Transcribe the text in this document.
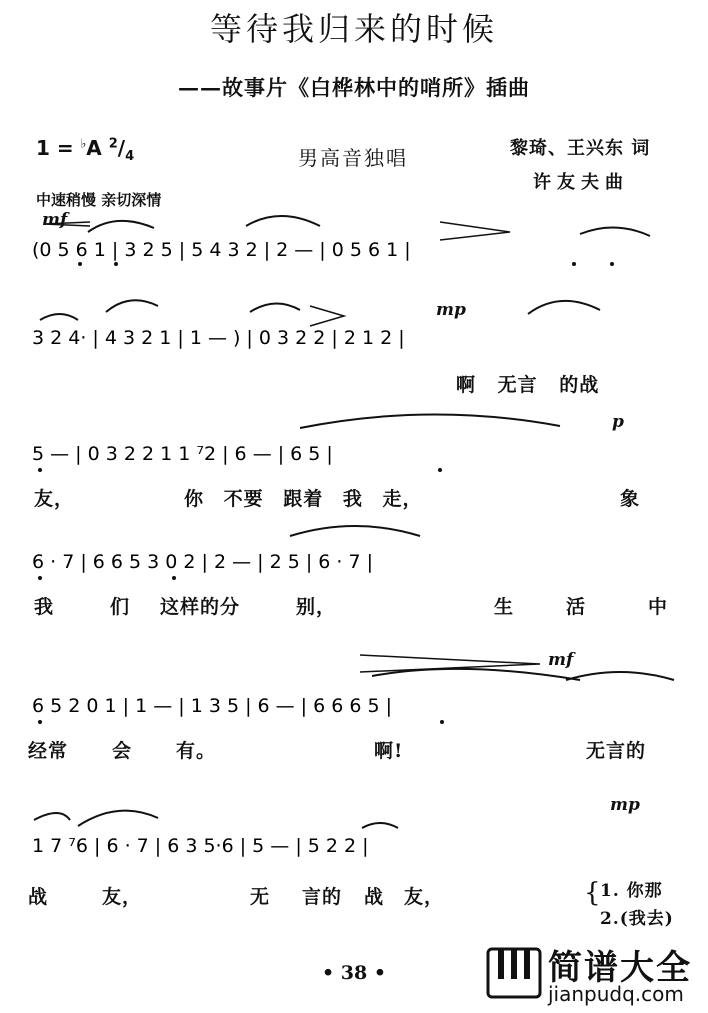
等待我归来的时候
——故事片《白桦林中的哨所》插曲
1 = ♭A $^2/_4$	男高音独唱	黎琦、王兴东 词
许友夫曲
中速稍慢 亲切深情
(0 5 6 1 | 3 2 5 | 5 4 3 2 | 2 — | 0 5 6 1 |
3 2 4· | 4 3 2 1 | 1 — ) | 0 3 2 2 | 2 1 2 |
5 — | 0 3 2 2 1 1 ⁷2 | 6 — | 6 5 |
6 · 7 | 6 6 5 3 0 2 | 2 — | 2 5 | 6 · 7 |
6 5 2 0 1 | 1 — | 1 3 5 | 6 — | 6 6 6 5 |
1 7 ⁷6 | 6 · 7 | 6 3 5·6 | 5 — | 5 2 2 |
mf
mp
p
mf
mp
啊 无言 的战
友，	你 不要 跟着 我 走，	象
我	们 这样的分	别，	生	活	中
经常 会 有。	啊!	无言的
战	友，	无 言的 战 友，	{ 1. 你那
2.(我去)
• 38 •	简谱大全
jianpudq.com
